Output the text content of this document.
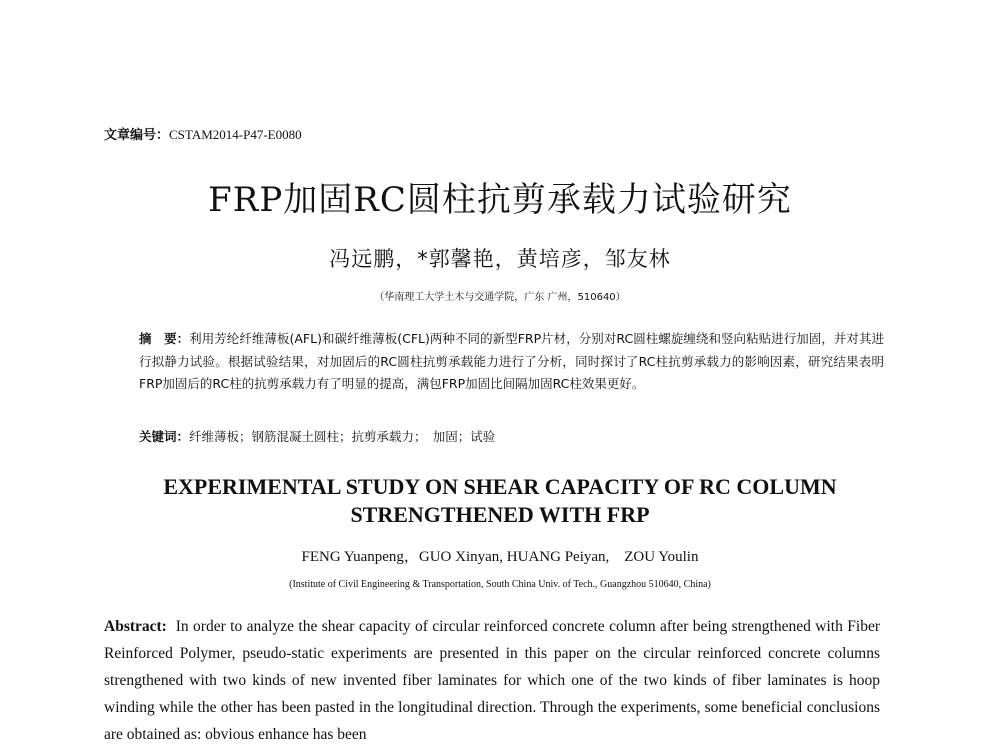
文章编号：CSTAM2014-P47-E0080
FRP加固RC圆柱抗剪承载力试验研究
冯远鹏，*郭馨艳，黄培彦，邹友林
（华南理工大学土木与交通学院，广东 广州，510640）
摘　要：利用芳纶纤维薄板(AFL)和碳纤维薄板(CFL)两种不同的新型FRP片材，分别对RC圆柱螺旋缠绕和竖向粘贴进行加固，并对其进行拟静力试验。根据试验结果，对加固后的RC圆柱抗剪承载能力进行了分析，同时探讨了RC柱抗剪承载力的影响因素，研究结果表明FRP加固后的RC柱的抗剪承载力有了明显的提高，满包FRP加固比间隔加固RC柱效果更好。
关键词：纤维薄板；钢筋混凝土圆柱；抗剪承载力；　加固；试验
EXPERIMENTAL STUDY ON SHEAR CAPACITY OF RC COLUMN
STRENGTHENED WITH FRP
FENG Yuanpeng，GUO Xinyan, HUANG Peiyan,　ZOU Youlin
(Institute of Civil Engineering & Transportation, South China Univ. of Tech., Guangzhou 510640, China)
Abstract: In order to analyze the shear capacity of circular reinforced concrete column after being strengthened with Fiber Reinforced Polymer, pseudo-static experiments are presented in this paper on the circular reinforced concrete columns strengthened with two kinds of new invented fiber laminates for which one of the two kinds of fiber laminates is hoop winding while the other has been pasted in the longitudinal direction. Through the experiments, some beneficial conclusions are obtained as: obvious enhance has been
